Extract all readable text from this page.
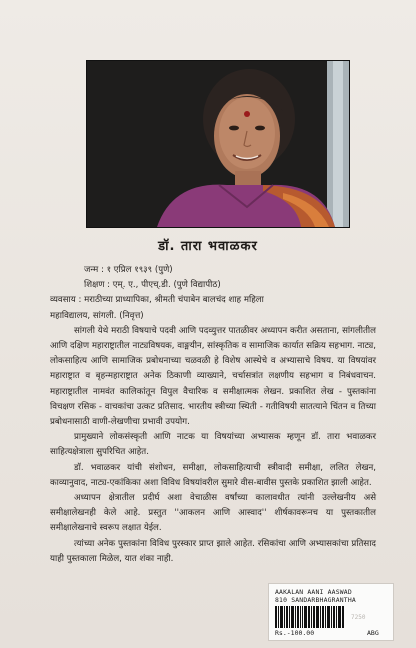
डॉ. तारा भवाळकर

जन्म : १ एप्रिल १९३९ (पुणे)

शिक्षण : एम्. ए., पीएच्.डी. (पुणे विद्यापीठ)

व्यवसाय : मराठीच्या प्राध्यापिका, श्रीमती चंपाबेन बालचंद शाह महिला

महाविद्यालय, सांगली. (निवृत्त)

सांगली येथे मराठी विषयाचे पदवी आणि पदव्युत्तर पातळीवर अध्यापन करीत असताना, सांगलीतील आणि दक्षिण महाराष्ट्रातील नाट्यविषयक, वाङ्मयीन, सांस्कृतिक व सामाजिक कार्यात सक्रिय सहभाग. नाट्य, लोकसाहित्य आणि सामाजिक प्रबोधनाच्या चळवळी हे विशेष आस्थेचे व अभ्यासाचे विषय. या विषयांवर महाराष्ट्रात व बृहन्महाराष्ट्रात अनेक ठिकाणी व्याख्याने, चर्चासत्रांत लक्षणीय सहभाग व निबंधवाचन. महाराष्ट्रातील नामवंत कालिकांतून विपुल वैचारिक व समीक्षात्मक लेखन. प्रकाशित लेख - पुस्तकांना विचक्षण रसिक - वाचकांचा उत्कट प्रतिसाद. भारतीय स्त्रीच्या स्थिती - गतीविषयी सातत्याने चिंतन व तिच्या प्रबोधनासाठी वाणी-लेखणीचा प्रभावी उपयोग.

प्रामुख्याने लोकसंस्कृती आणि नाटक या विषयांच्या अभ्यासक म्हणून डॉ. तारा भवाळकर साहित्यक्षेत्राला सुपरिचित आहेत.

डॉ. भवाळकर यांची संशोधन, समीक्षा, लोकसाहित्याची स्त्रीवादी समीक्षा, ललित लेखन, काव्यानुवाद, नाट्य-एकांकिका अशा विविध विषयांवरील सुमारे वीस-बावीस पुस्तके प्रकाशित झाली आहेत.

अध्यापन क्षेत्रातील प्रदीर्घ अशा वेचाळीस वर्षांच्या कालावधीत त्यांनी उल्लेखनीय असे समीक्षालेखनही केले आहे. प्रस्तुत ''आकलन आणि आस्वाद'' शीर्षकावरूनच या पुस्तकातील समीक्षालेखनाचे स्वरूप लक्षात येईल.

त्यांच्या अनेक पुस्तकांना विविध पुरस्कार प्राप्त झाले आहेत. रसिकांचा आणि अभ्यासकांचा प्रतिसाद याही पुस्तकाला मिळेल, यात शंका नाही.

AAKALAN AANI AASWAD
810 SANDARBHAGRANTHA
7250
Rs.-100.00	ABG
